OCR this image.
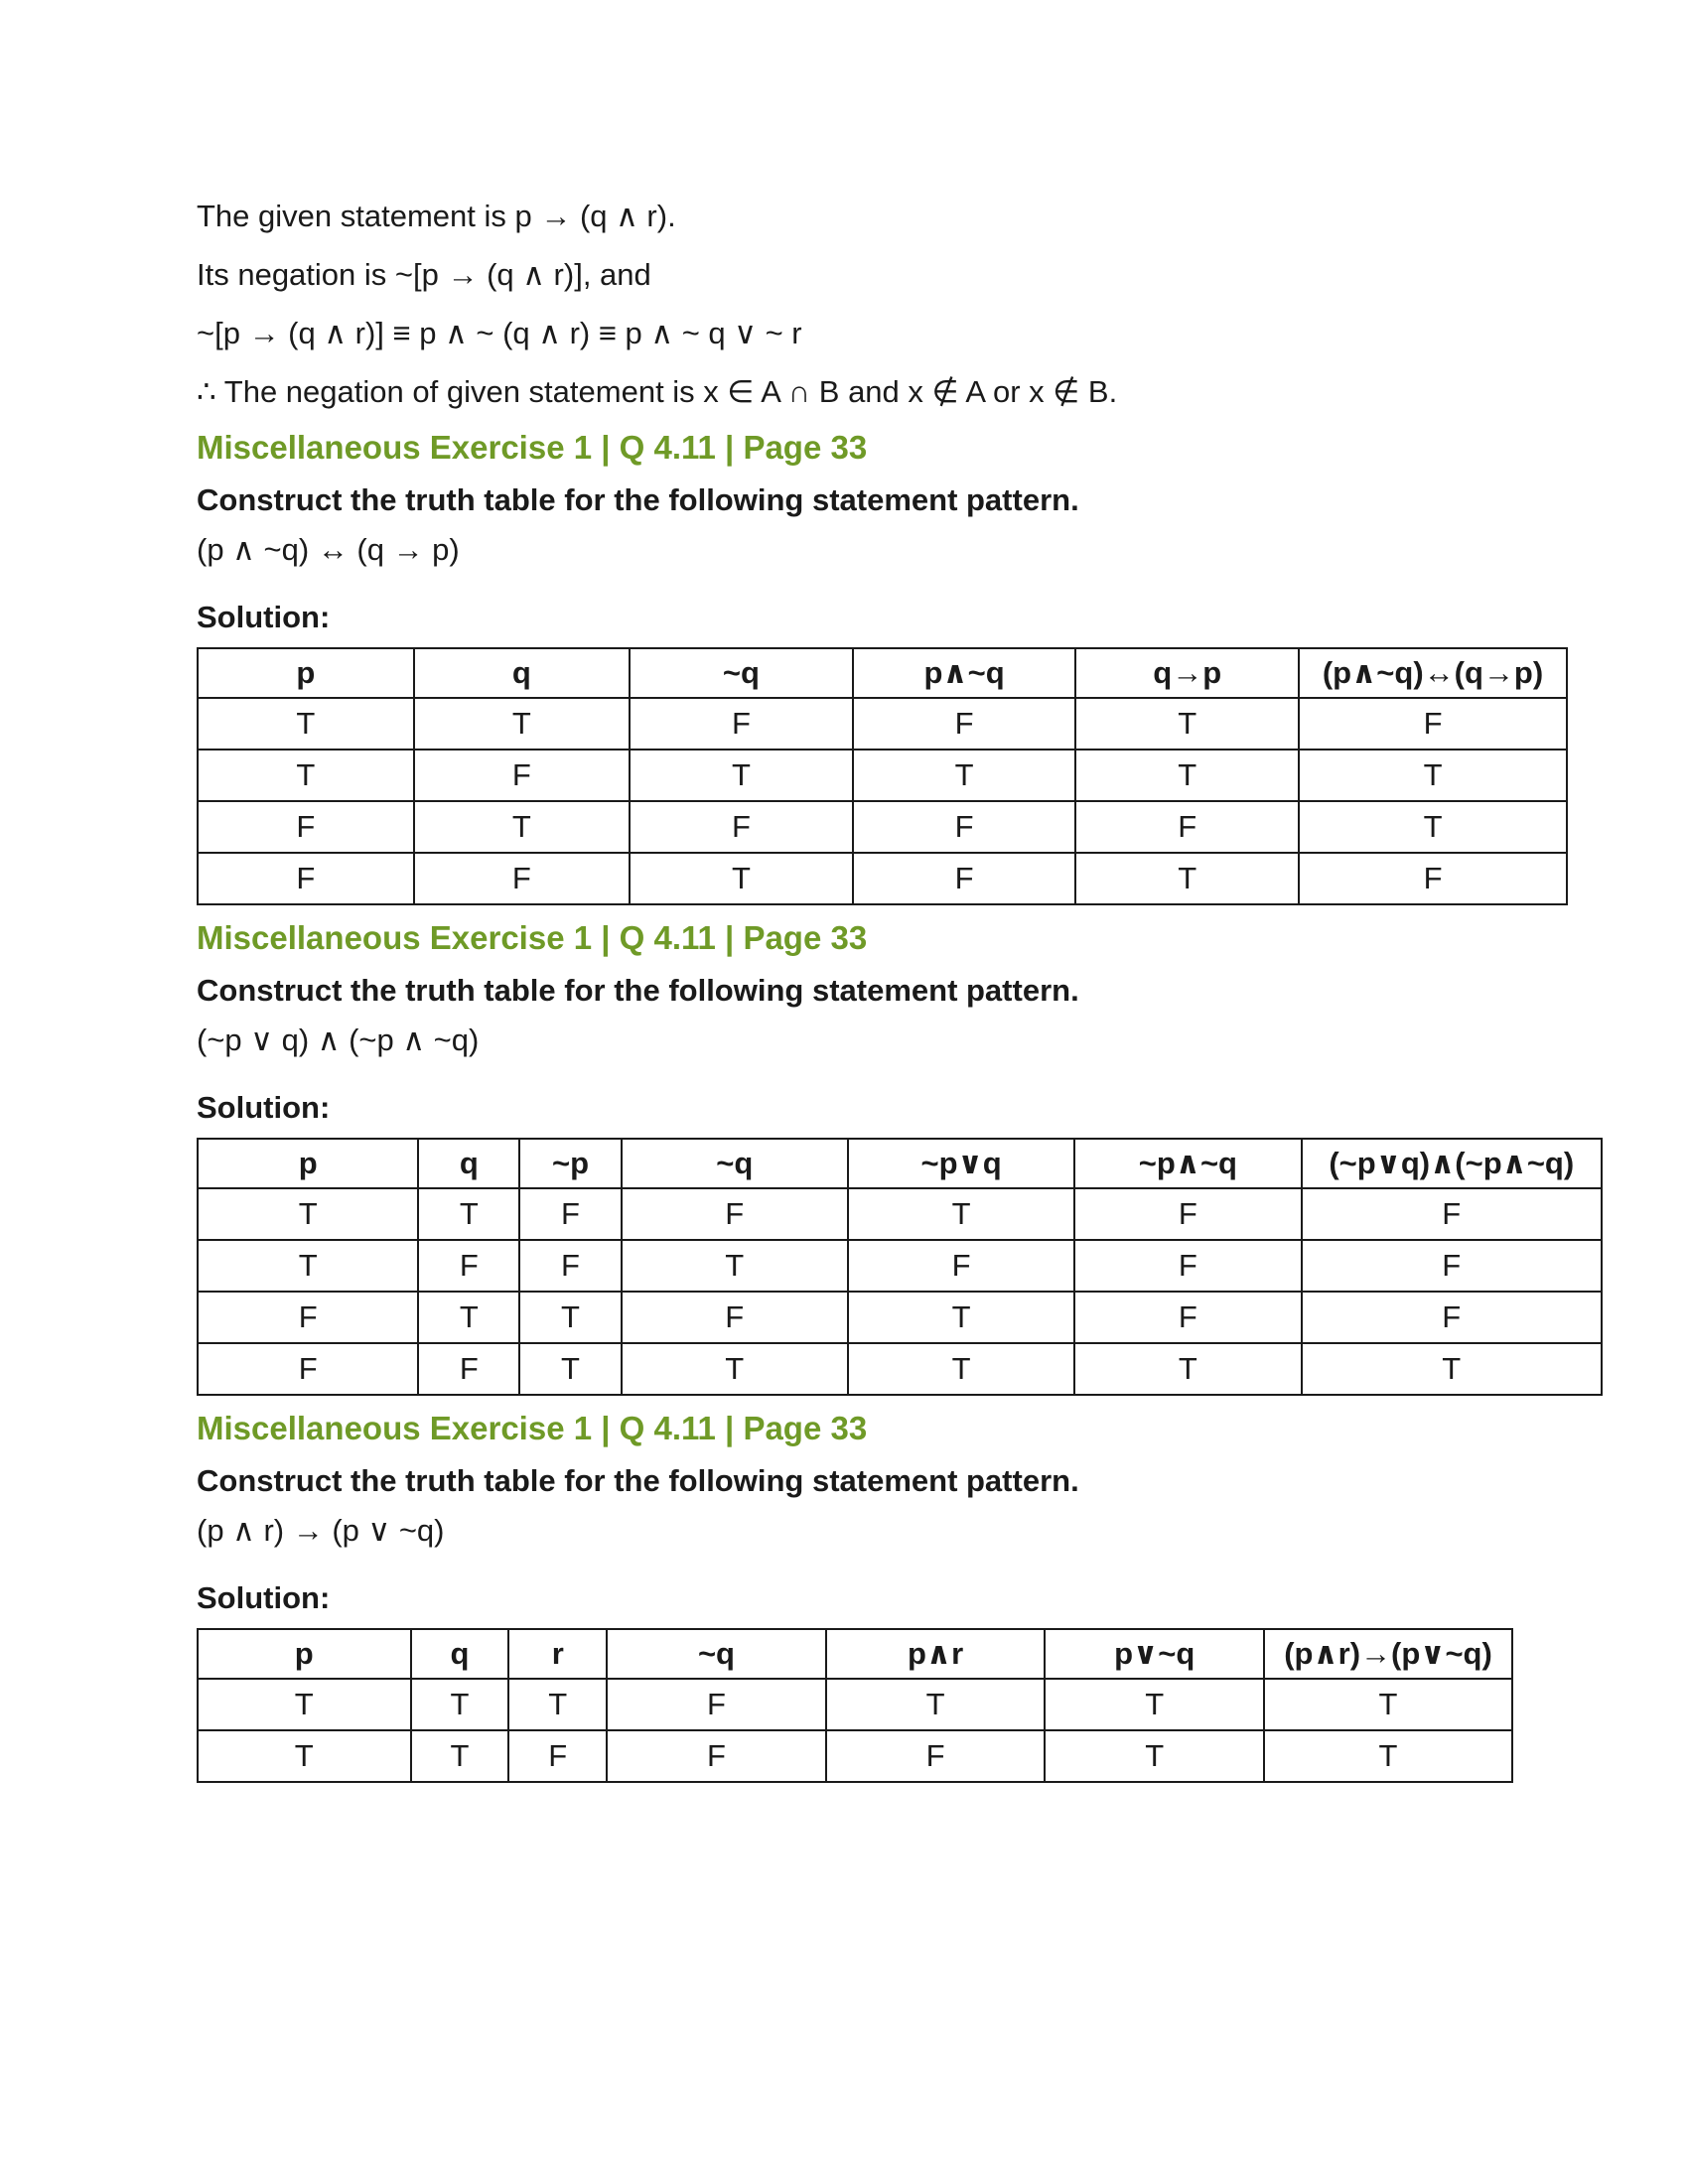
The given statement is p → (q ∧ r).

Its negation is ~[p → (q ∧ r)], and

~[p → (q ∧ r)] ≡ p ∧ ~ (q ∧ r) ≡ p ∧ ~ q ∨ ~ r

∴ The negation of given statement is x ∈ A ∩ B and x ∉ A or x ∉ B.

Miscellaneous Exercise 1 | Q 4.11 | Page 33
Construct the truth table for the following statement pattern.
(p ∧ ~q) ↔ (q → p)
Solution:
p	q	~q	p∧~q	q→p	(p∧~q)↔(q→p)
T	T	F	F	T	F
T	F	T	T	T	T
F	T	F	F	F	T
F	F	T	F	T	F
Miscellaneous Exercise 1 | Q 4.11 | Page 33
Construct the truth table for the following statement pattern.
(~p ∨ q) ∧ (~p ∧ ~q)
Solution:
p	q	~p	~q	~p∨q	~p∧~q	(~p∨q)∧(~p∧~q)
T	T	F	F	T	F	F
T	F	F	T	F	F	F
F	T	T	F	T	F	F
F	F	T	T	T	T	T
Miscellaneous Exercise 1 | Q 4.11 | Page 33
Construct the truth table for the following statement pattern.
(p ∧ r) → (p ∨ ~q)
Solution:
p	q	r	~q	p∧r	p∨~q	(p∧r)→(p∨~q)
T	T	T	F	T	T	T
T	T	F	F	F	T	T
